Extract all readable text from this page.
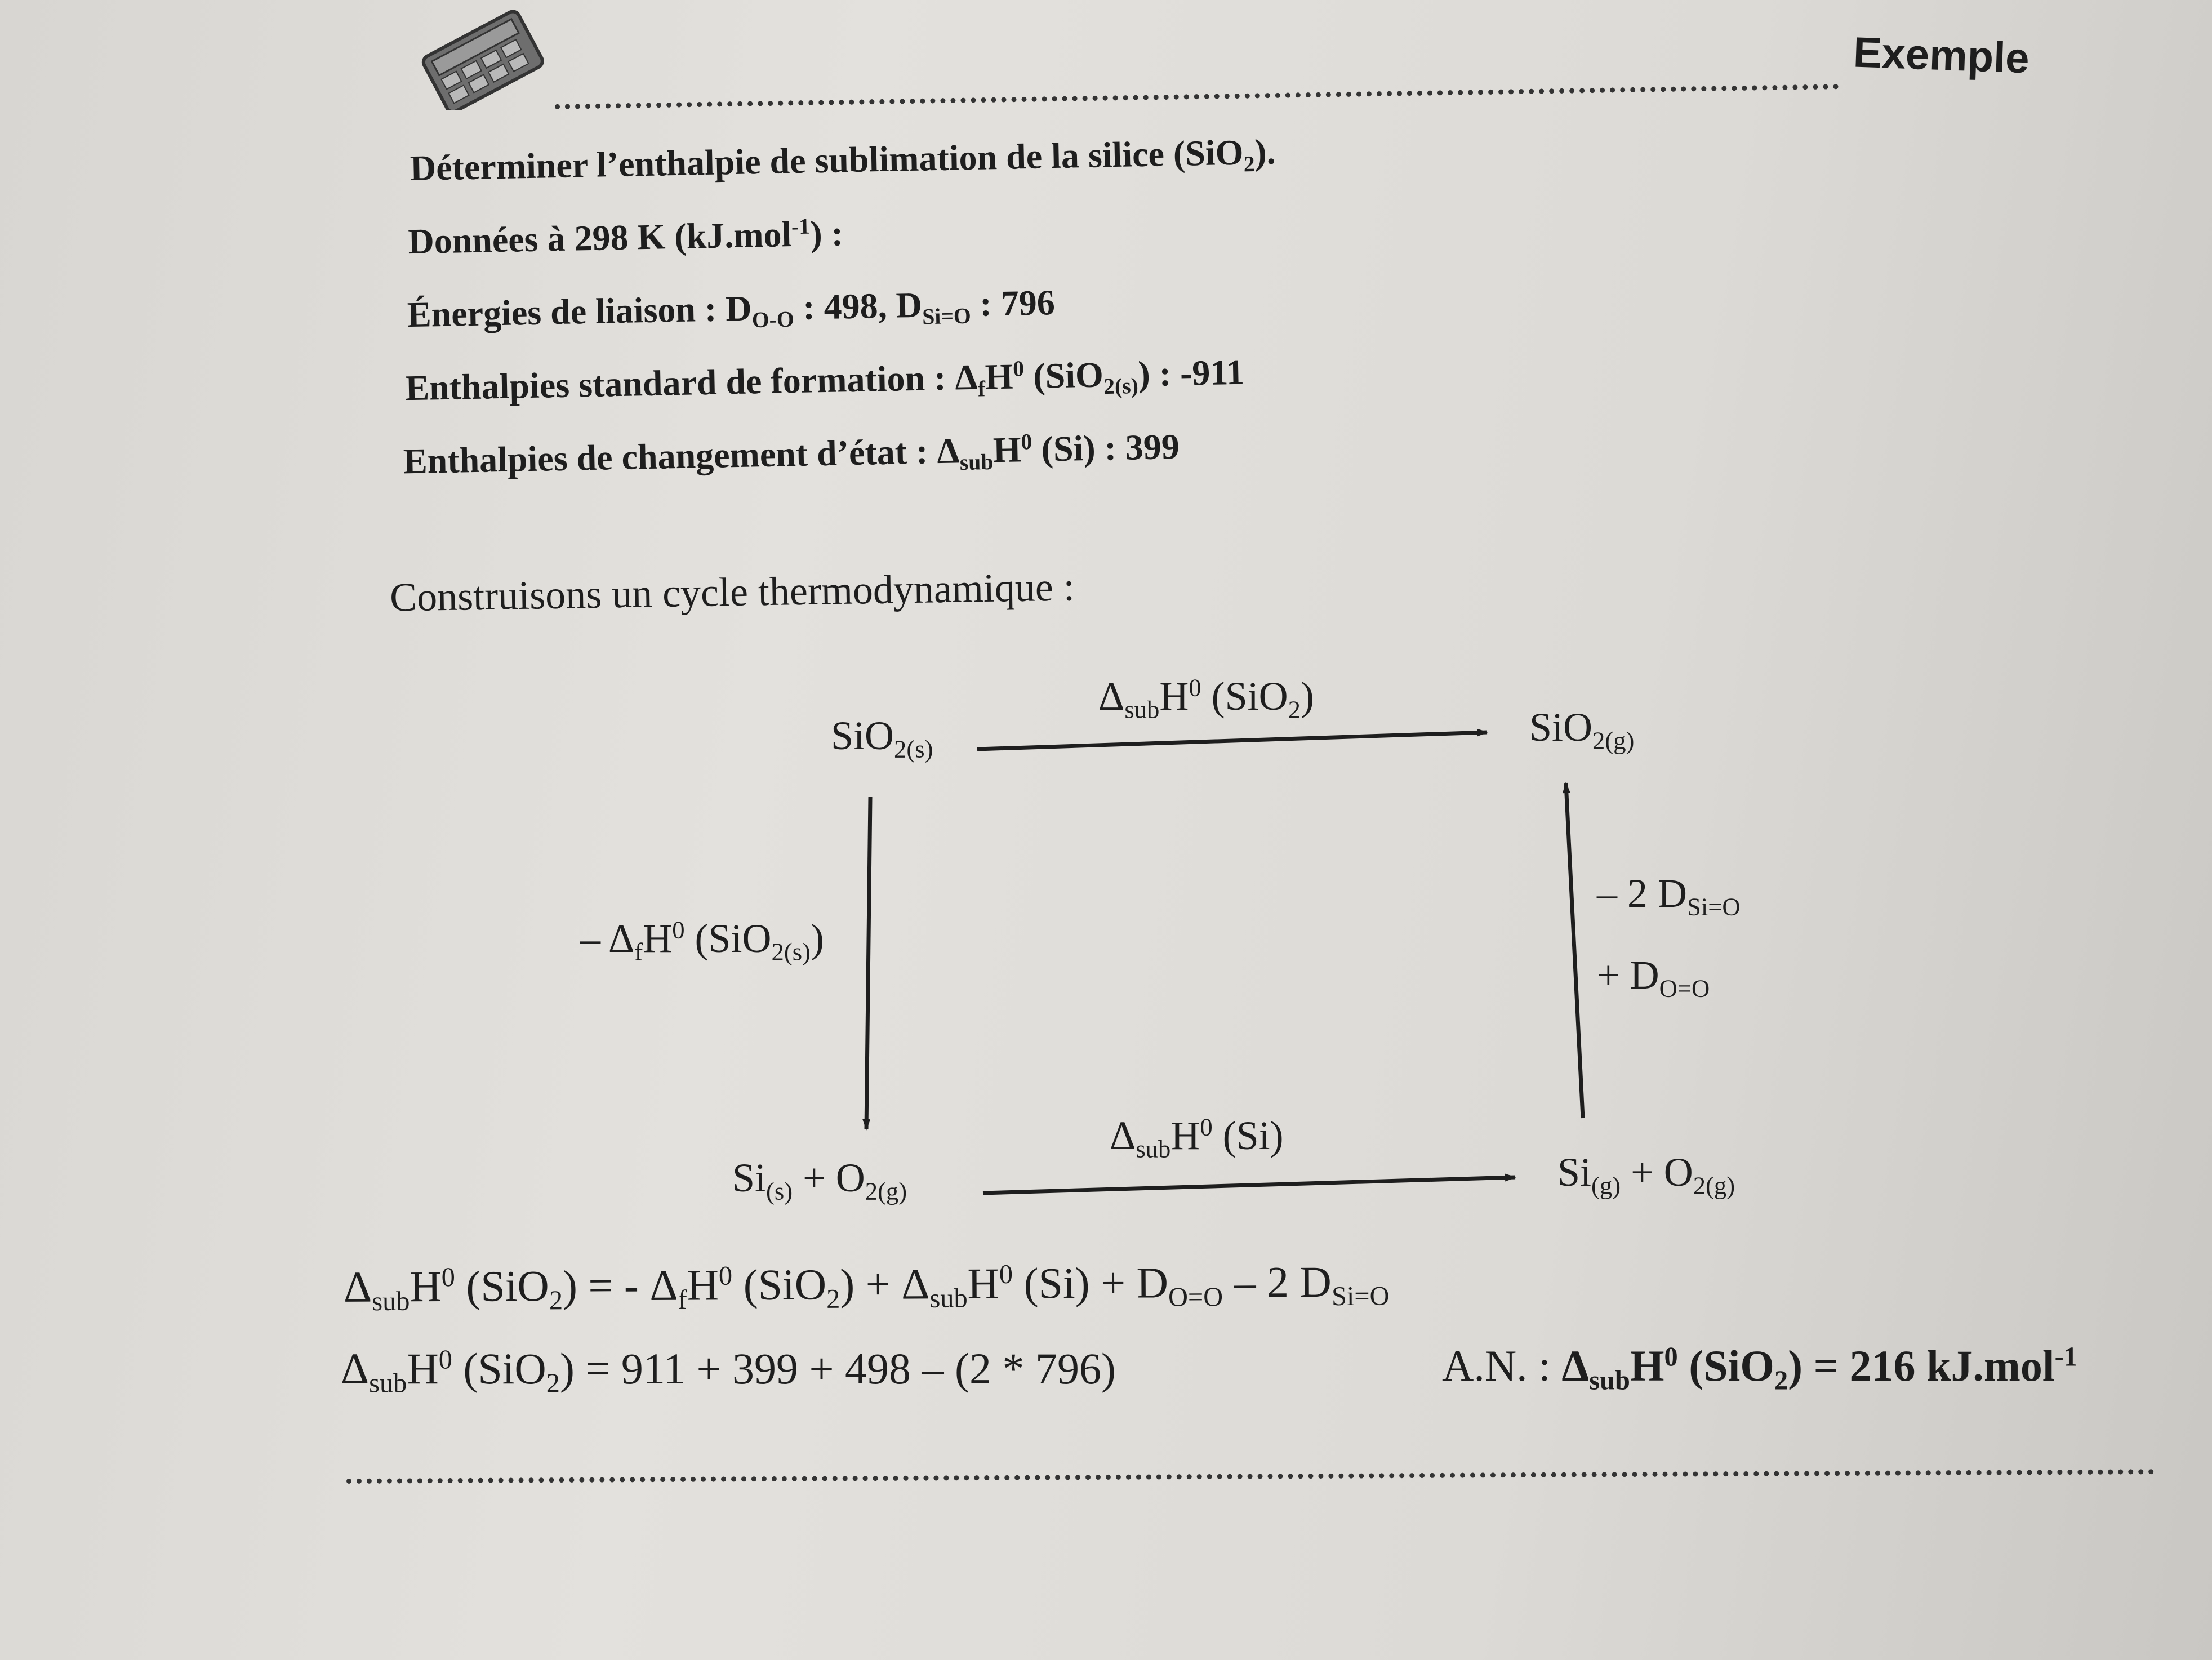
Exemple
Déterminer l’enthalpie de sublimation de la silice (SiO$_2$).
Données à 298 K (kJ.mol$^{-1}$) :
Énergies de liaison : $D_{O-O}$ : 498, $D_{Si=O}$ : 796
Enthalpies standard de formation : $\Delta_fH^0$ (SiO$_{2(s)}$) : -911
Enthalpies de changement d’état : $\Delta_{sub}H^0$ (Si) : 399
Construisons un cycle thermodynamique :
SiO$_{2(s)}$	SiO$_{2(g)}$
$\Delta_{sub}H^0$ (SiO$_2$)
– $\Delta_fH^0$ (SiO$_{2(s)}$)
– 2 $D_{Si=O}$
+ $D_{O=O}$
$\Delta_{sub}H^0$ (Si)
$Si_{(s)} + O_{2(g)}$	$Si_{(g)} + O_{2(g)}$
$\Delta_{sub}H^0$ (SiO$_2$) = - $\Delta_fH^0$ $(SiO_2) + \Delta_{sub}H^0$ $(Si) + D_{O=O} - 2$ $D_{Si=O}$
$\Delta_{sub}H^0$ (SiO$_2$) = 911 + 399 + 498 – (2 * 796)	A.N. : $\Delta_{sub}H^0$ (SiO$_2$) = 216 kJ.mol$^{-1}$
